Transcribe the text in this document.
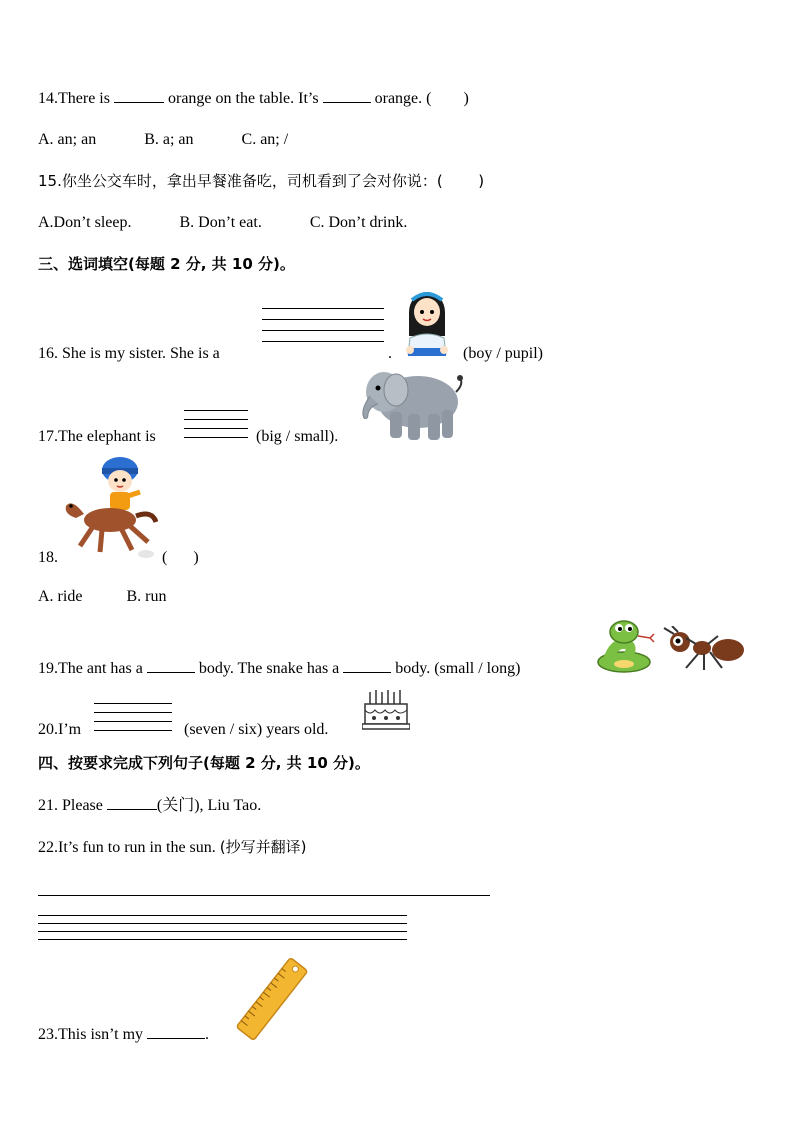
14.There is	orange on the table. It’s	orange. ( )
A. an; an	B. a; an	C. an; /
15.你坐公交车时，拿出早餐准备吃，司机看到了会对你说：( )
A.Don’t sleep.	B. Don’t eat.	C. Don’t drink.
三、选词填空(每题 2 分, 共 10 分)。
16. She is my sister. She is a	.	(boy / pupil)
17.The elephant is	(big / small).
18.	( )
A. ride	B. run
19.The ant has a	body. The snake has a	body. (small / long)
20.I’m	(seven / six) years old.
四、按要求完成下列句子(每题 2 分, 共 10 分)。
21. Please	(关门), Liu Tao.
22.It’s fun to run in the sun. (抄写并翻译)
23.This isn’t my	.
